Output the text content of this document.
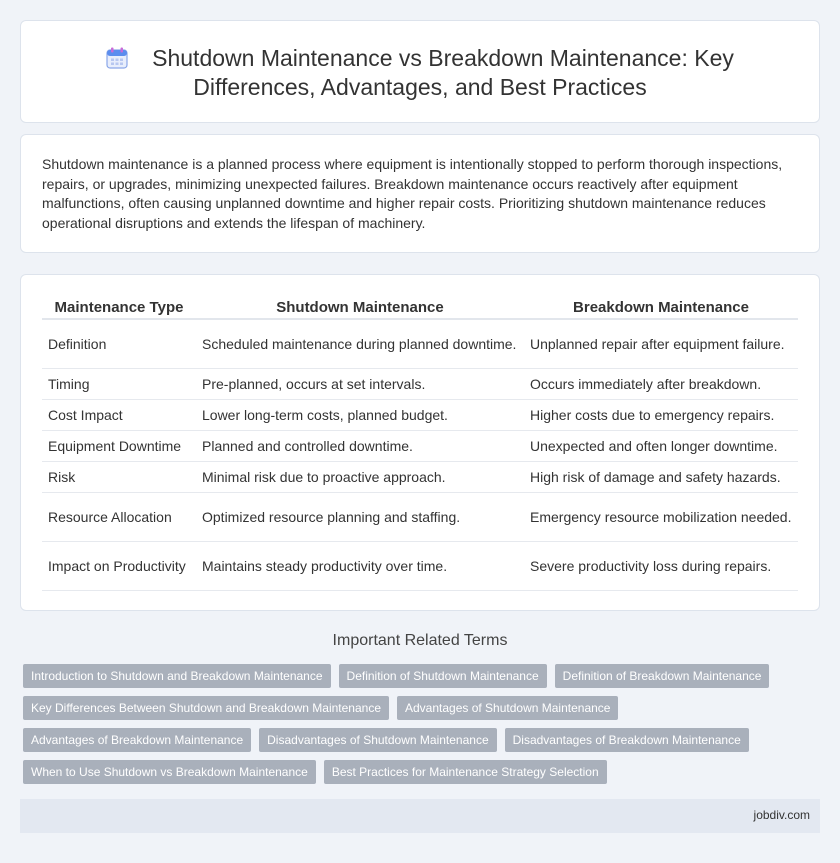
Shutdown Maintenance vs Breakdown Maintenance: Key Differences, Advantages, and Best Practices

Shutdown maintenance is a planned process where equipment is intentionally stopped to perform thorough inspections, repairs, or upgrades, minimizing unexpected failures. Breakdown maintenance occurs reactively after equipment malfunctions, often causing unplanned downtime and higher repair costs. Prioritizing shutdown maintenance reduces operational disruptions and extends the lifespan of machinery.

Maintenance Type	Shutdown Maintenance	Breakdown Maintenance
Definition	Scheduled maintenance during planned downtime.	Unplanned repair after equipment failure.
Timing	Pre-planned, occurs at set intervals.	Occurs immediately after breakdown.
Cost Impact	Lower long-term costs, planned budget.	Higher costs due to emergency repairs.
Equipment Downtime	Planned and controlled downtime.	Unexpected and often longer downtime.
Risk	Minimal risk due to proactive approach.	High risk of damage and safety hazards.
Resource Allocation	Optimized resource planning and staffing.	Emergency resource mobilization needed.
Impact on Productivity	Maintains steady productivity over time.	Severe productivity loss during repairs.
Important Related Terms
Introduction to Shutdown and Breakdown Maintenance Definition of Shutdown Maintenance Definition of Breakdown Maintenance
Key Differences Between Shutdown and Breakdown Maintenance Advantages of Shutdown Maintenance
Advantages of Breakdown Maintenance Disadvantages of Shutdown Maintenance Disadvantages of Breakdown Maintenance
When to Use Shutdown vs Breakdown Maintenance Best Practices for Maintenance Strategy Selection
jobdiv.com
